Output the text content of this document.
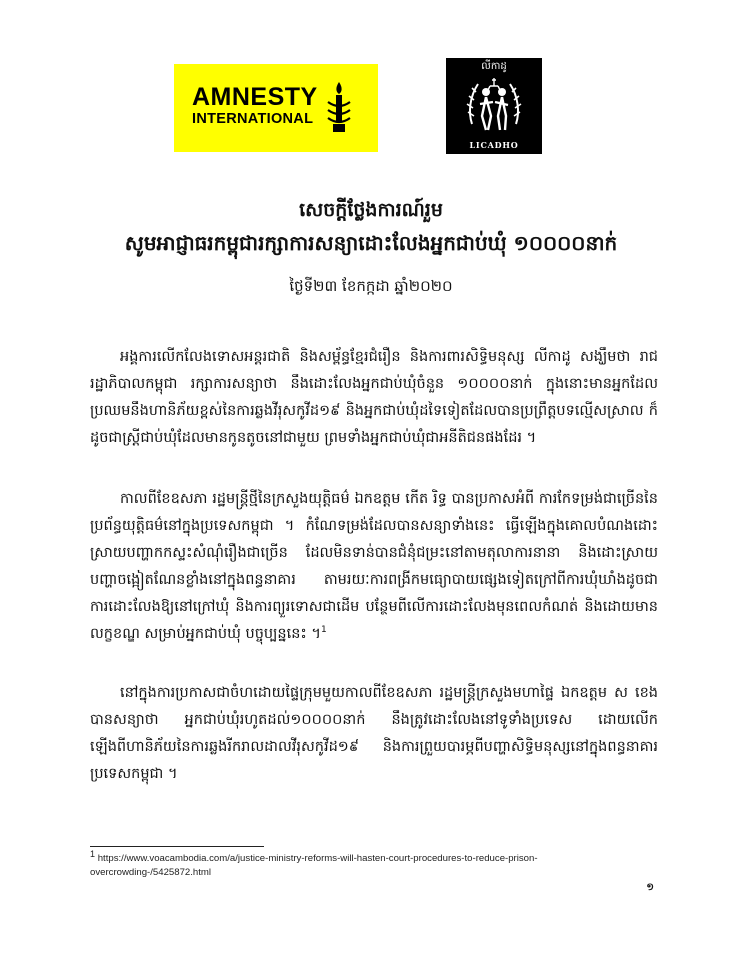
AMNESTY
INTERNATIONAL
លីកាដូ
LICADHO
សេចក្តីថ្លែងការណ៍រួម
សូមអាជ្ញាធរកម្ពុជារក្សាការសន្យាដោះលែងអ្នកជាប់ឃុំ ១០០០០នាក់
ថ្ងៃទី២៣ ខែកក្កដា ឆ្នាំ២០២០

អង្គការលើកលែងទោសអន្តរជាតិ និងសម្ព័ន្ធខ្មែរជំរឿន និងការពារសិទ្ធិមនុស្ស លីកាដូ សង្ឃឹមថា រាជរដ្ឋាភិបាលកម្ពុជា រក្សាការសន្យាថា នឹងដោះលែងអ្នកជាប់ឃុំចំនួន ១០០០០នាក់ ក្នុងនោះមានអ្នកដែលប្រឈមនឹងហានិភ័យខ្ពស់នៃការឆ្លងវីរុសកូវីដ១៩ និងអ្នកជាប់ឃុំដទៃទៀតដែលបានប្រព្រឹត្តបទល្មើសស្រាល ក៏ដូចជាស្ត្រីជាប់ឃុំដែលមានកូនតូចនៅជាមួយ ព្រមទាំងអ្នកជាប់ឃុំជាអនីតិជនផងដែរ ។

កាលពីខែឧសភា រដ្ឋមន្ត្រីថ្មីនៃក្រសួងយុត្តិធម៌ ឯកឧត្តម កើត រិទ្ធ បានប្រកាសអំពី ការកែទម្រង់ជាច្រើននៃប្រព័ន្ធយុត្តិធម៌នៅក្នុងប្រទេសកម្ពុជា ។ កំណែទម្រង់ដែលបានសន្យាទាំងនេះ ធ្វើឡើងក្នុងគោលបំណងដោះស្រាយបញ្ហាកកស្ទះសំណុំរឿងជាច្រើន ដែលមិនទាន់បានជំនុំជម្រះនៅតាមតុលាការនានា និងដោះស្រាយបញ្ហាចង្អៀតណែនខ្លាំងនៅក្នុងពន្ធនាគារ តាមរយៈការពង្រីកមធ្យោបាយផ្សេងទៀតក្រៅពីការឃុំឃាំងដូចជា ការដោះលែងឱ្យនៅក្រៅឃុំ និងការព្យួរទោសជាដើម បន្ថែមពីលើការដោះលែងមុនពេលកំណត់ និងដោយមានលក្ខខណ្ឌ សម្រាប់អ្នកជាប់ឃុំ បច្ចុប្បន្ននេះ ។$^1$

នៅក្នុងការប្រកាសជាចំហដោយផ្ទៃក្រុមមួយកាលពីខែឧសភា រដ្ឋមន្ត្រីក្រសួងមហាផ្ទៃ ឯកឧត្តម ស ខេង បានសន្យាថា អ្នកជាប់ឃុំរហូតដល់១០០០០នាក់ នឹងត្រូវដោះលែងនៅទូទាំងប្រទេស ដោយលើកឡើងពីហានិភ័យនៃការឆ្លងរីករាលដាលវីរុសកូវីដ១៩ និងការព្រួយបារម្ភពីបញ្ហាសិទ្ធិមនុស្សនៅក្នុងពន្ធនាគារប្រទេសកម្ពុជា ។

$^1$ https://www.voacambodia.com/a/justice-ministry-reforms-will-hasten-court-procedures-to-reduce-prison-overcrowding-/5425872.html

១
